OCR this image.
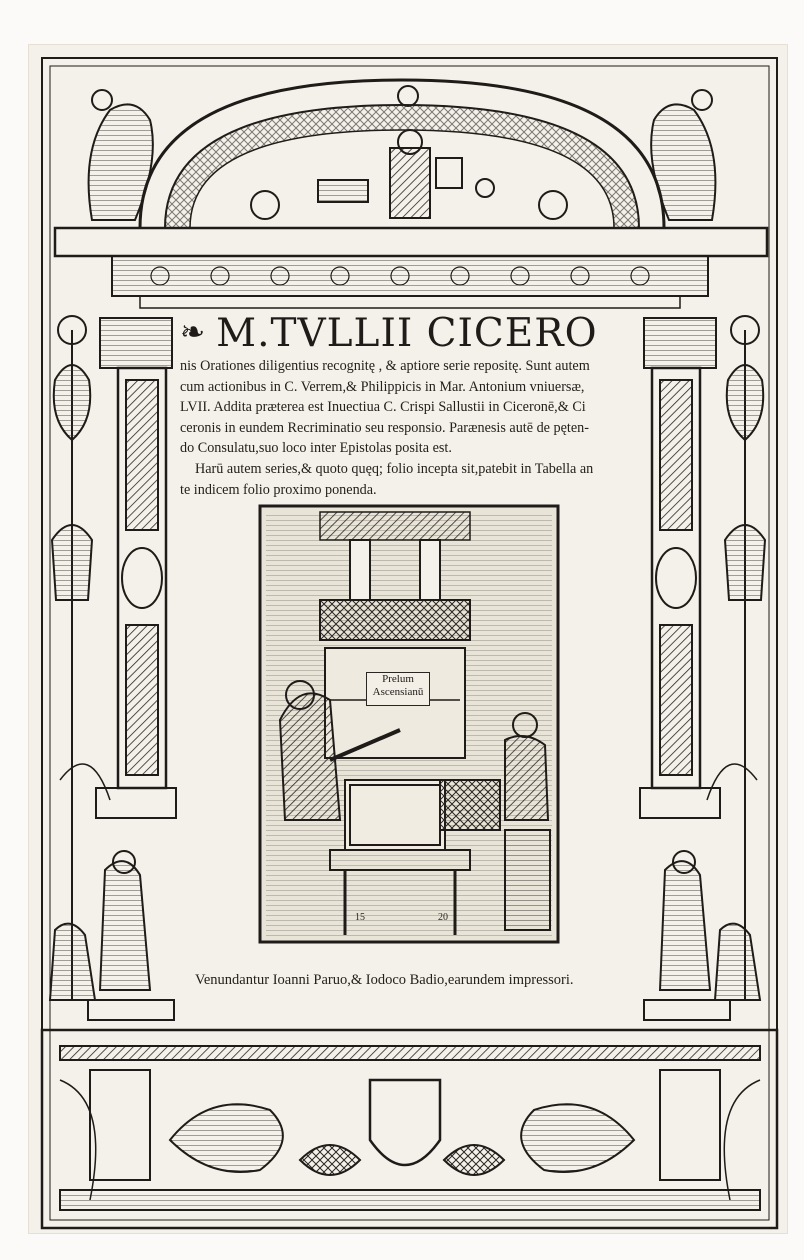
❧ M.TVLLII CICERO

nis Orationes diligentius recognitę , & aptiore serie repositę. Sunt autem
cum actionibus in C. Verrem,& Philippicis in Mar. Antonium vniuersæ,
LVII. Addita præterea est Inuectiua C. Crispi Sallustii in Ciceronē,& Ci
ceronis in eundem Recriminatio seu responsio. Parænesis autē de pęten-
do Consulatu,suo loco inter Epistolas posita est.

Harū autem series,& quoto quęq; folio incepta sit,patebit in Tabella an
te indicem folio proximo ponenda.

Prelum
Ascensianū
15	20
Venundantur Ioanni Paruo,& Iodoco Badio,earundem impressori.
